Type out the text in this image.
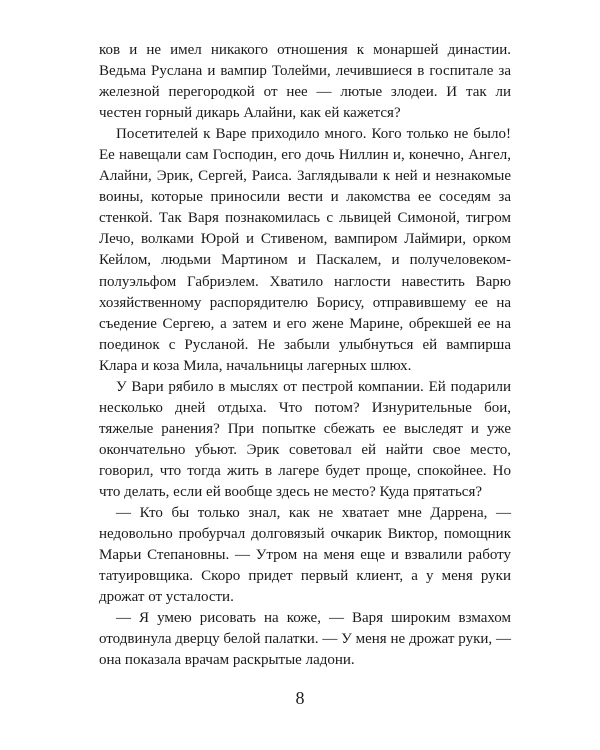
ков и не имел никакого отношения к монаршей династии. Ведьма Руслана и вампир Толейми, лечившиеся в госпитале за железной перегородкой от нее — лютые злодеи. И так ли честен горный дикарь Алайни, как ей кажется?

Посетителей к Варе приходило много. Кого только не было! Ее навещали сам Господин, его дочь Ниллин и, конечно, Ангел, Алайни, Эрик, Сергей, Раиса. Заглядывали к ней и незнакомые воины, которые приносили вести и лакомства ее соседям за стенкой. Так Варя познакомилась с львицей Симоной, тигром Лечо, волками Юрой и Стивеном, вампиром Лаймири, орком Кейлом, людьми Мартином и Паскалем, и получеловеком-полуэльфом Габриэлем. Хватило наглости навестить Варю хозяйственному распорядителю Борису, отправившему ее на съедение Сергею, а затем и его жене Марине, обрекшей ее на поединок с Русланой. Не забыли улыбнуться ей вампирша Клара и коза Мила, начальницы лагерных шлюх.

У Вари рябило в мыслях от пестрой компании. Ей подарили несколько дней отдыха. Что потом? Изнурительные бои, тяжелые ранения? При попытке сбежать ее выследят и уже окончательно убьют. Эрик советовал ей найти свое место, говорил, что тогда жить в лагере будет проще, спокойнее. Но что делать, если ей вообще здесь не место? Куда прятаться?

— Кто бы только знал, как не хватает мне Даррена, — недовольно пробурчал долговязый очкарик Виктор, помощник Марьи Степановны. — Утром на меня еще и взвалили работу татуировщика. Скоро придет первый клиент, а у меня руки дрожат от усталости.

— Я умею рисовать на коже, — Варя широким взмахом отодвинула дверцу белой палатки. — У меня не дрожат руки, — она показала врачам раскрытые ладони.

8
